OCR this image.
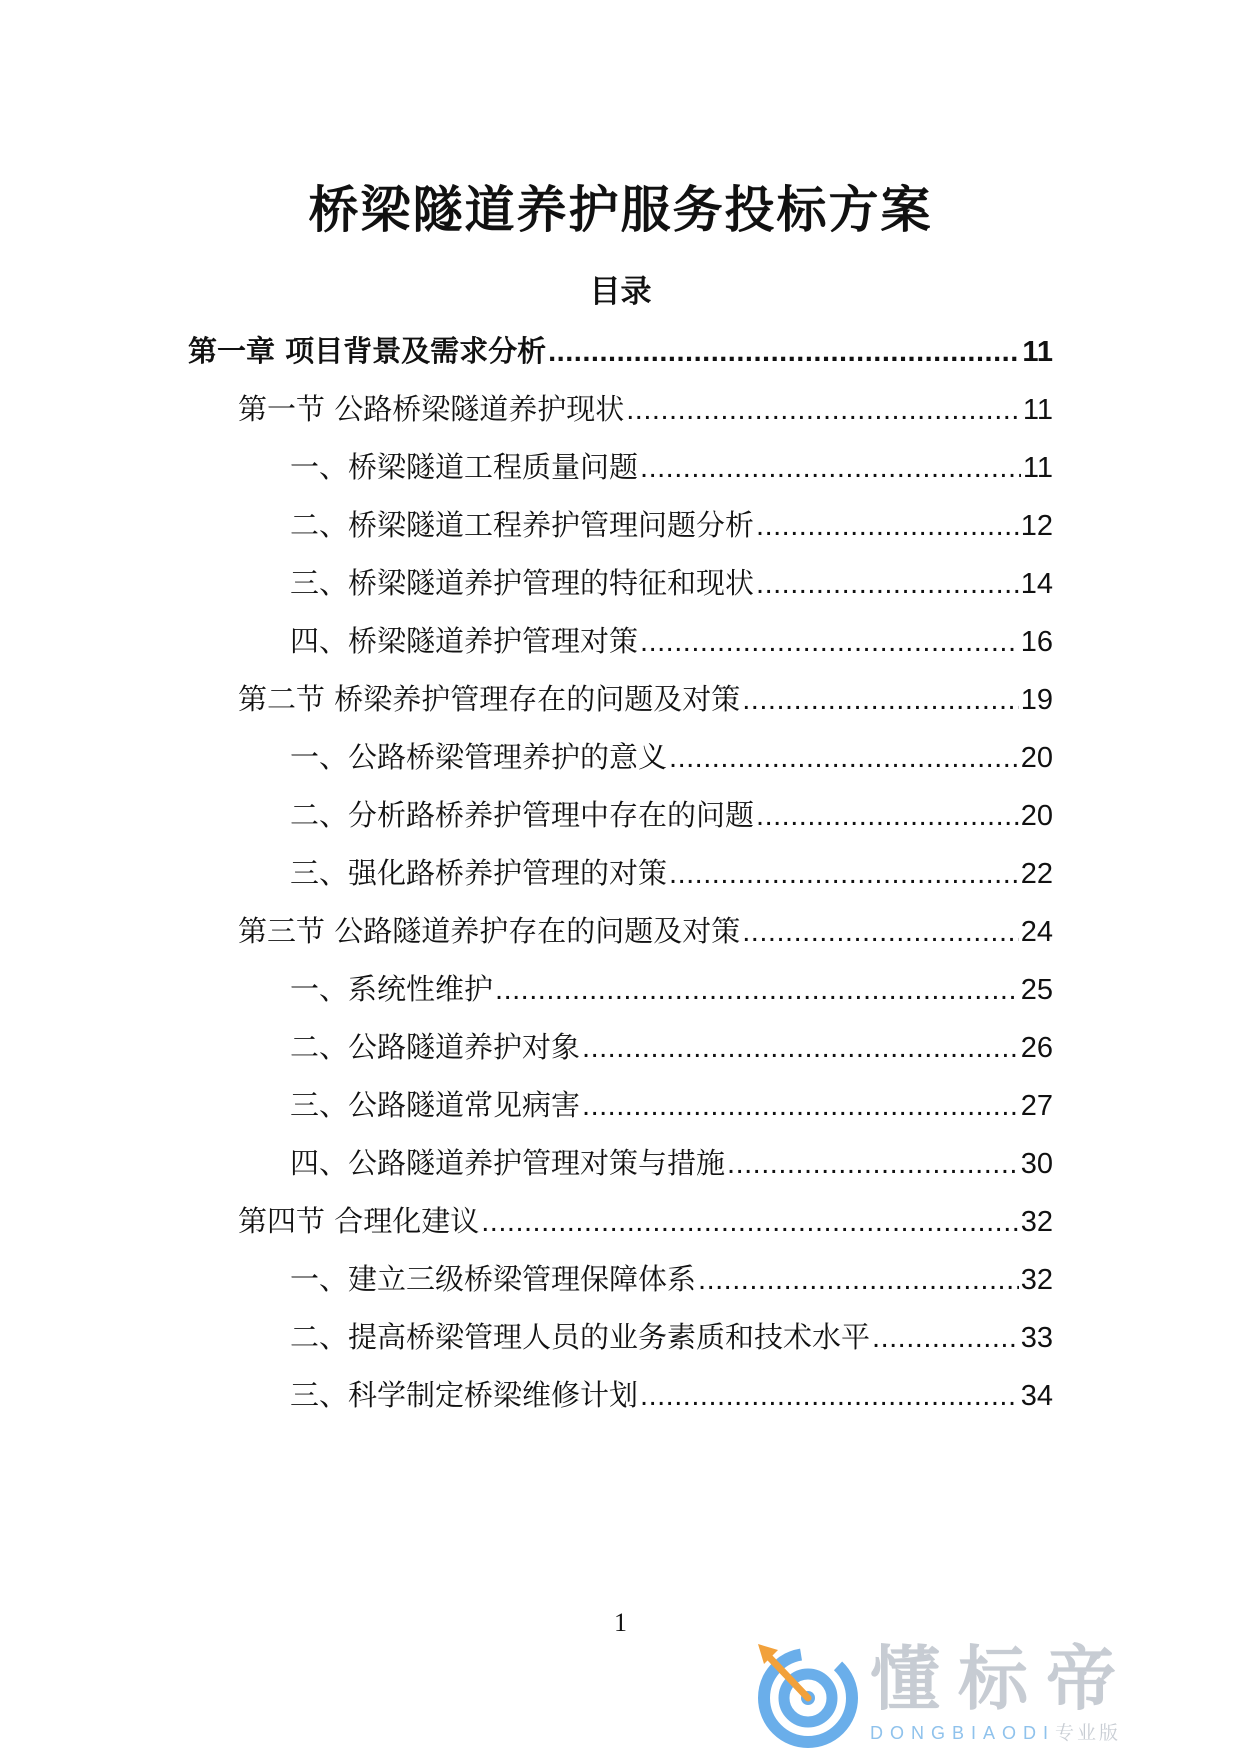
桥梁隧道养护服务投标方案
目录
第一章 项目背景及需求分析 .....	11
第一节 公路桥梁隧道养护现状 .....	11
一、桥梁隧道工程质量问题 .....	11
二、桥梁隧道工程养护管理问题分析 .....	12
三、桥梁隧道养护管理的特征和现状 .....	14
四、桥梁隧道养护管理对策 .....	16
第二节 桥梁养护管理存在的问题及对策 .....	19
一、公路桥梁管理养护的意义 .....	20
二、分析路桥养护管理中存在的问题 .....	20
三、强化路桥养护管理的对策 .....	22
第三节 公路隧道养护存在的问题及对策 .....	24
一、系统性维护 .....	25
二、公路隧道养护对象 .....	26
三、公路隧道常见病害 .....	27
四、公路隧道养护管理对策与措施 .....	30
第四节 合理化建议 .....	32
一、建立三级桥梁管理保障体系 .....	32
二、提高桥梁管理人员的业务素质和技术水平 .....	33
三、科学制定桥梁维修计划 .....	34
1
懂标帝
DONGBIAODI专业版
